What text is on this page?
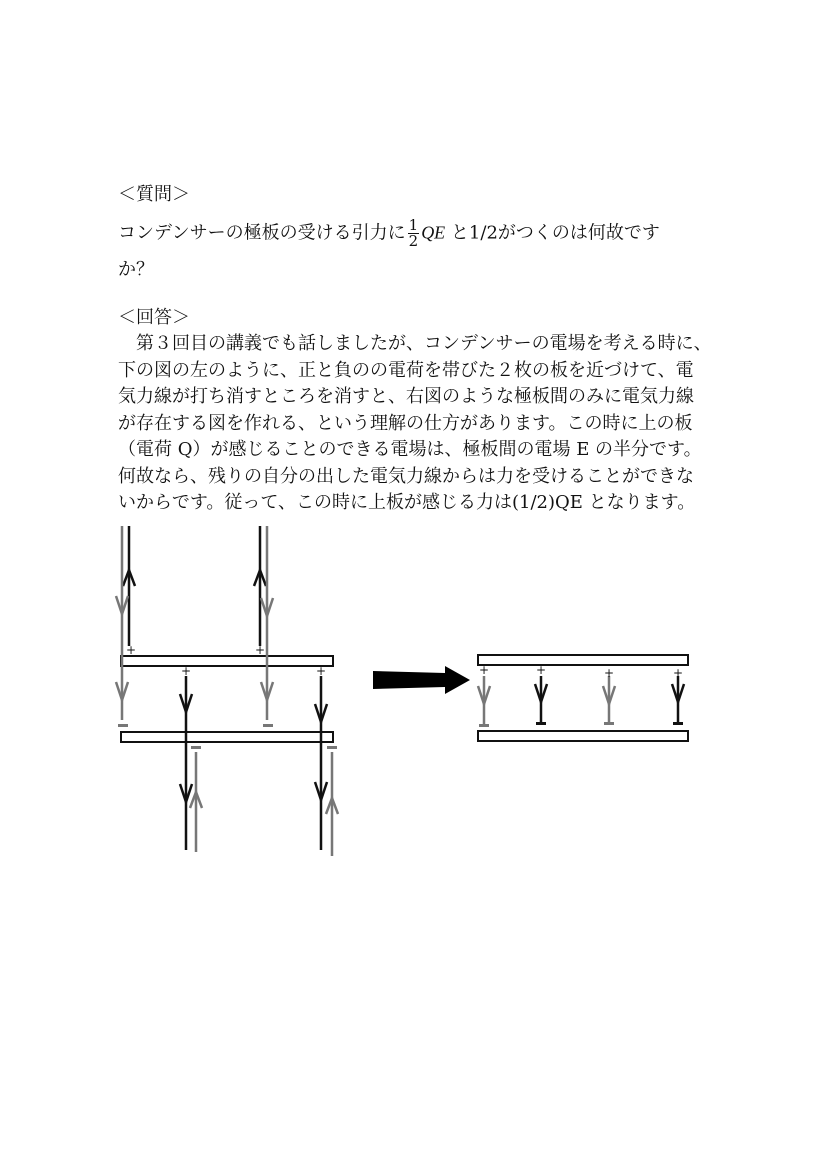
＜質問＞
コンデンサーの極板の受ける引力に $\frac{1}{2}$ QE と1/2がつくのは何故です
か？
＜回答＞
　第３回目の講義でも話しましたが、コンデンサーの電場を考える時に、
下の図の左のように、正と負のの電荷を帯びた２枚の板を近づけて、電
気力線が打ち消すところを消すと、右図のような極板間のみに電気力線
が存在する図を作れる、という理解の仕方があります。この時に上の板
（電荷 Q）が感じることのできる電場は、極板間の電場 E の半分です。
何故なら、残りの自分の出した電気力線からは力を受けることができな
いからです。従って、この時に上板が感じる力は(1/2)QE となります。
+	+
+	+	+	+	+	+
